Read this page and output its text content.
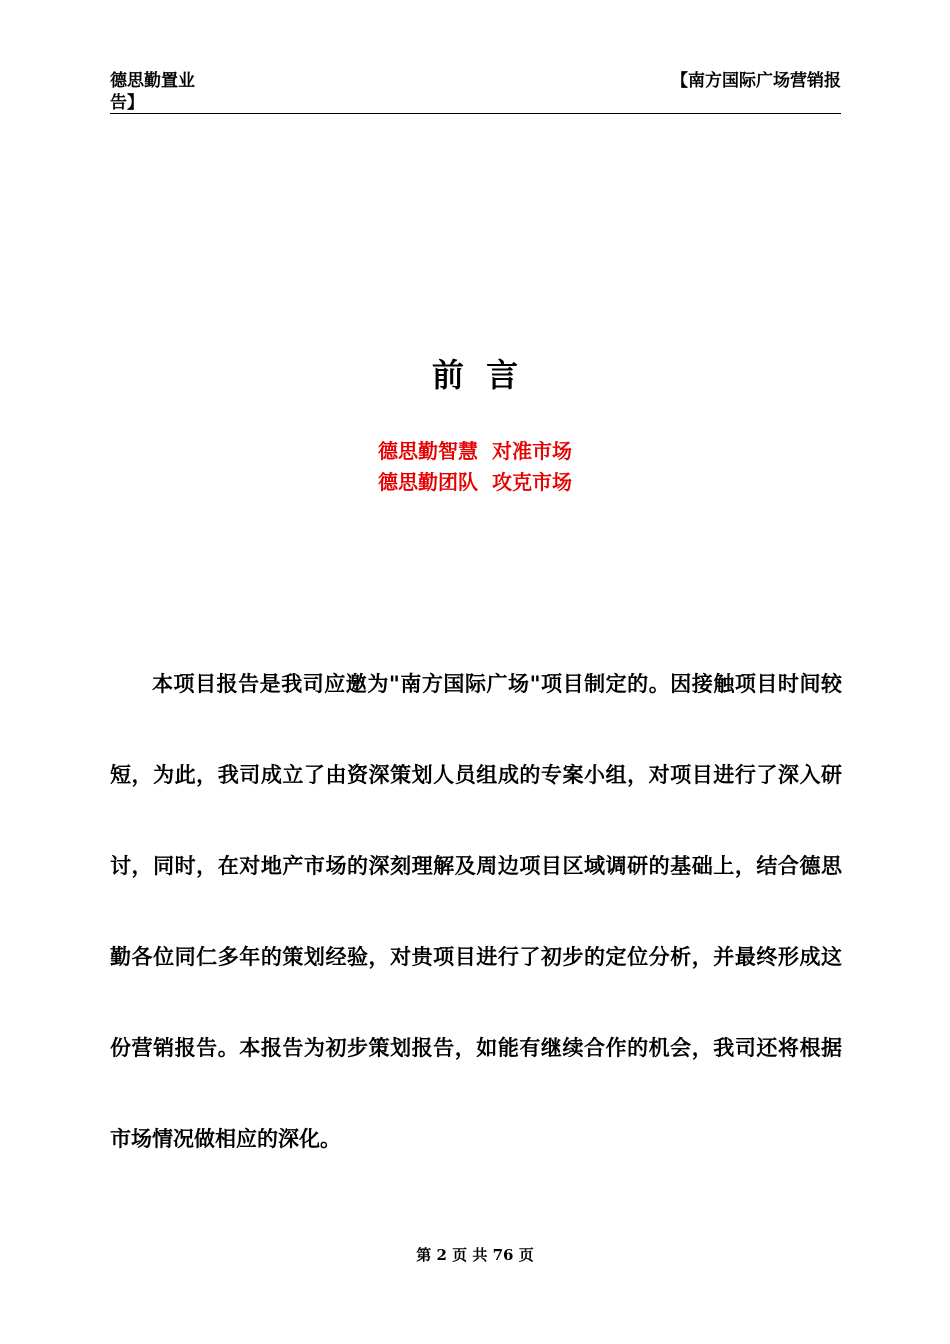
德思勤置业告】
【南方国际广场营销报
前  言
德思勤智慧  对准市场
德思勤团队  攻克市场

本项目报告是我司应邀为"南方国际广场"项目制定的。因接触项目时间较短，为此，我司成立了由资深策划人员组成的专案小组，对项目进行了深入研讨，同时，在对地产市场的深刻理解及周边项目区域调研的基础上，结合德思勤各位同仁多年的策划经验，对贵项目进行了初步的定位分析，并最终形成这份营销报告。本报告为初步策划报告，如能有继续合作的机会，我司还将根据市场情况做相应的深化。

第 2 页 共 76 页
